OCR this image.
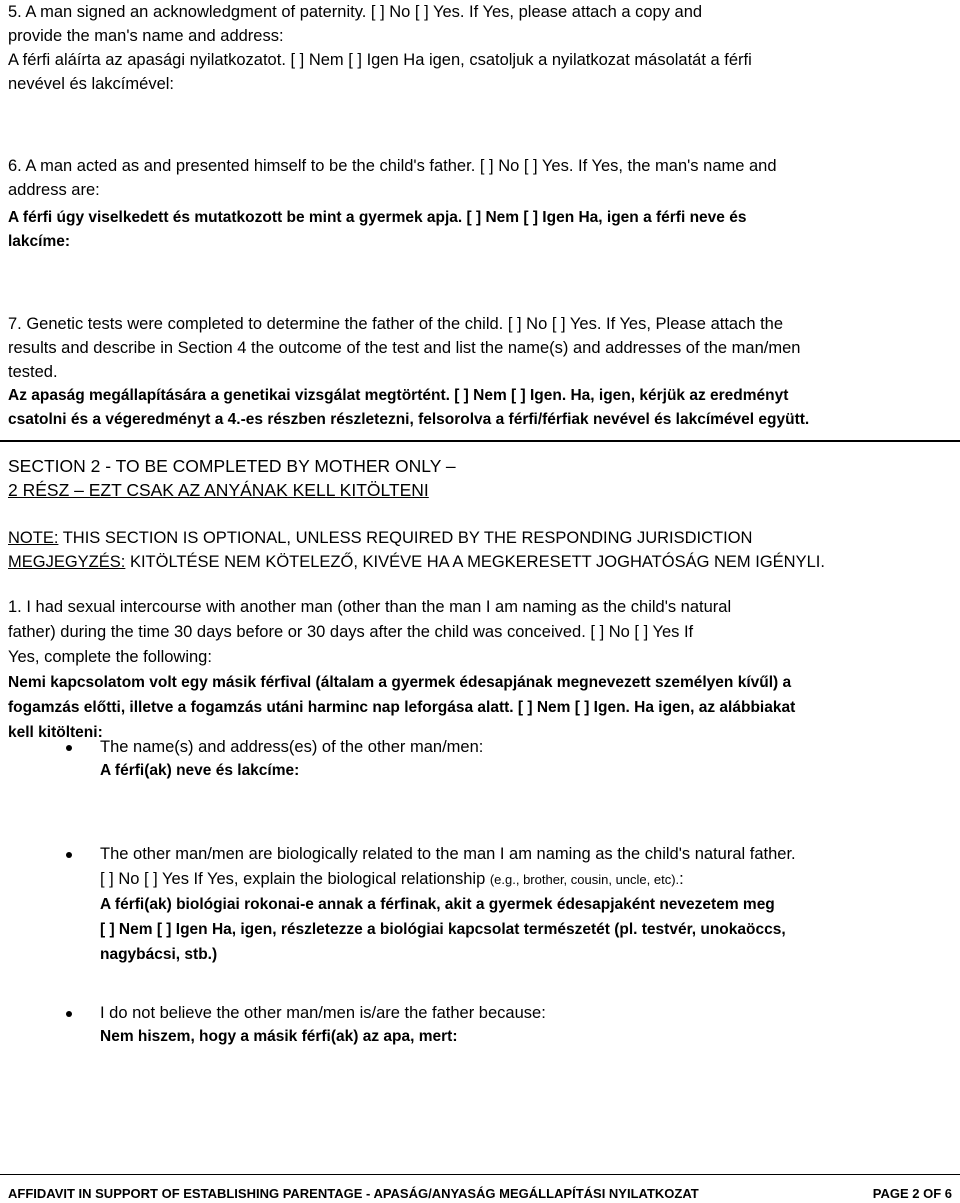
5. A man signed an acknowledgment of paternity. [ ] No [ ] Yes. If Yes, please attach a copy and

provide the man's name and address:

A férfi aláírta az apasági nyilatkozatot. [ ] Nem [ ] Igen Ha igen, csatoljuk a nyilatkozat másolatát a férfi

nevével és lakcímével:

6. A man acted as and presented himself to be the child's father. [ ] No [ ] Yes. If Yes, the man's name and

address are:

A férfi úgy viselkedett és mutatkozott be mint a gyermek apja. [ ] Nem [ ] Igen Ha, igen a férfi neve és

lakcíme:

7. Genetic tests were completed to determine the father of the child. [ ] No [ ] Yes. If Yes, Please attach the

results and describe in Section 4 the outcome of the test and list the name(s) and addresses of the man/men

tested.

Az apaság megállapítására a genetikai vizsgálat megtörtént. [ ] Nem [ ] Igen. Ha, igen, kérjük az eredményt

csatolni és a végeredményt a 4.-es részben részletezni, felsorolva a férfi/férfiak nevével és lakcímével együtt.

SECTION 2 - TO BE COMPLETED BY MOTHER ONLY –

2 RÉSZ – EZT CSAK AZ ANYÁNAK KELL KITÖLTENI

NOTE: THIS SECTION IS OPTIONAL, UNLESS REQUIRED BY THE RESPONDING JURISDICTION

MEGJEGYZÉS: KITÖLTÉSE NEM KÖTELEZŐ, KIVÉVE HA A MEGKERESETT JOGHATÓSÁG NEM IGÉNYLI.

1. I had sexual intercourse with another man (other than the man I am naming as the child's natural

father) during the time 30 days before or 30 days after the child was conceived. [ ] No [ ] Yes If

Yes, complete the following:

Nemi kapcsolatom volt egy másik férfival (általam a gyermek édesapjának megnevezett személyen kívűl) a

fogamzás előtti, illetve a fogamzás utáni harminc nap leforgása alatt. [ ] Nem [ ] Igen. Ha igen, az alábbiakat

kell kitölteni:

The name(s) and address(es) of the other man/men:

A férfi(ak) neve és lakcíme:

The other man/men are biologically related to the man I am naming as the child's natural father.

[ ] No [ ] Yes If Yes, explain the biological relationship (e.g., brother, cousin, uncle, etc).:

A férfi(ak) biológiai rokonai-e annak a férfinak, akit a gyermek édesapjaként nevezetem meg

[ ] Nem [ ] Igen Ha, igen, részletezze a biológiai kapcsolat természetét (pl. testvér, unokaöccs,

nagybácsi, stb.)

I do not believe the other man/men is/are the father because:

Nem hiszem, hogy a másik férfi(ak) az apa, mert:

AFFIDAVIT IN SUPPORT OF ESTABLISHING PARENTAGE - APASÁG/ANYASÁG MEGÁLLAPÍTÁSI NYILATKOZAT	PAGE 2 OF 6
